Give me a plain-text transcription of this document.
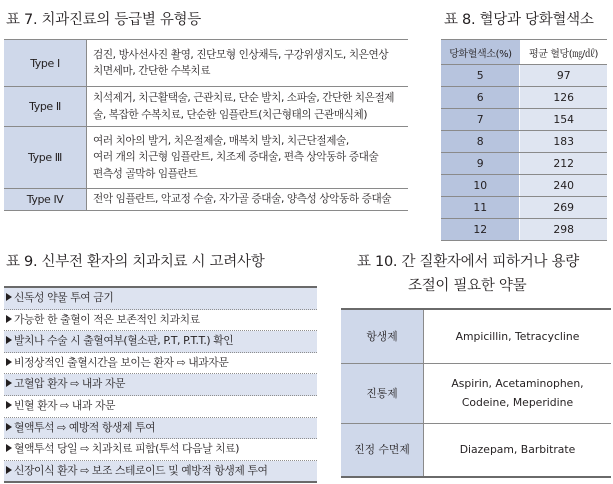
표 7. 치과진료의 등급별 유형등
Type Ⅰ	검진, 방사선사진 촬영, 진단모형 인상채득, 구강위생지도, 치은연상
치면세마, 간단한 수복치료

Type Ⅱ	치석제거, 치근활택술, 근관치료, 단순 발치, 소파술, 간단한 치은절제
술, 복잡한 수복치료, 단순한 임플란트(치근형태의 근관매식체)

Type Ⅲ	여러 치아의 발거, 치은절제술, 매복치 발치, 치근단절제술,
여러 개의 치근형 임플란트, 치조제 증대술, 편측 상악동하 증대술
편측성 골막하 임플란트

Type Ⅳ	전악 임플란트, 악교정 수술, 자가골 증대술, 양측성 상악동하 증대술
표 8. 혈당과 당화혈색소
당화혈색소(%)	평균 혈당(㎎/㎗)
5	97
6	126
7	154
8	183
9	212
10	240
11	269
12	298
표 9. 신부전 환자의 치과치료 시 고려사항
신독성 약물 투여 금기
가능한 한 출혈이 적은 보존적인 치과치료
발치나 수술 시 출혈여부(혈소판, P.T, P.T.T.) 확인
비정상적인 출혈시간을 보이는 환자 ⇨ 내과자문
고혈압 환자 ⇨ 내과 자문
빈혈 환자 ⇨ 내과 자문
혈액투석 ⇨ 예방적 항생제 투여
혈액투석 당일 ⇨ 치과치료 피함(투석 다음날 치료)
신장이식 환자 ⇨ 보조 스테로이드 및 예방적 항생제 투여
표 10. 간 질환자에서 피하거나 용량
조절이 필요한 약물
항생제	Ampicillin, Tetracycline

진통제	Aspirin, Acetaminophen,
Codeine, Meperidine

진정 수면제	Diazepam, Barbitrate
